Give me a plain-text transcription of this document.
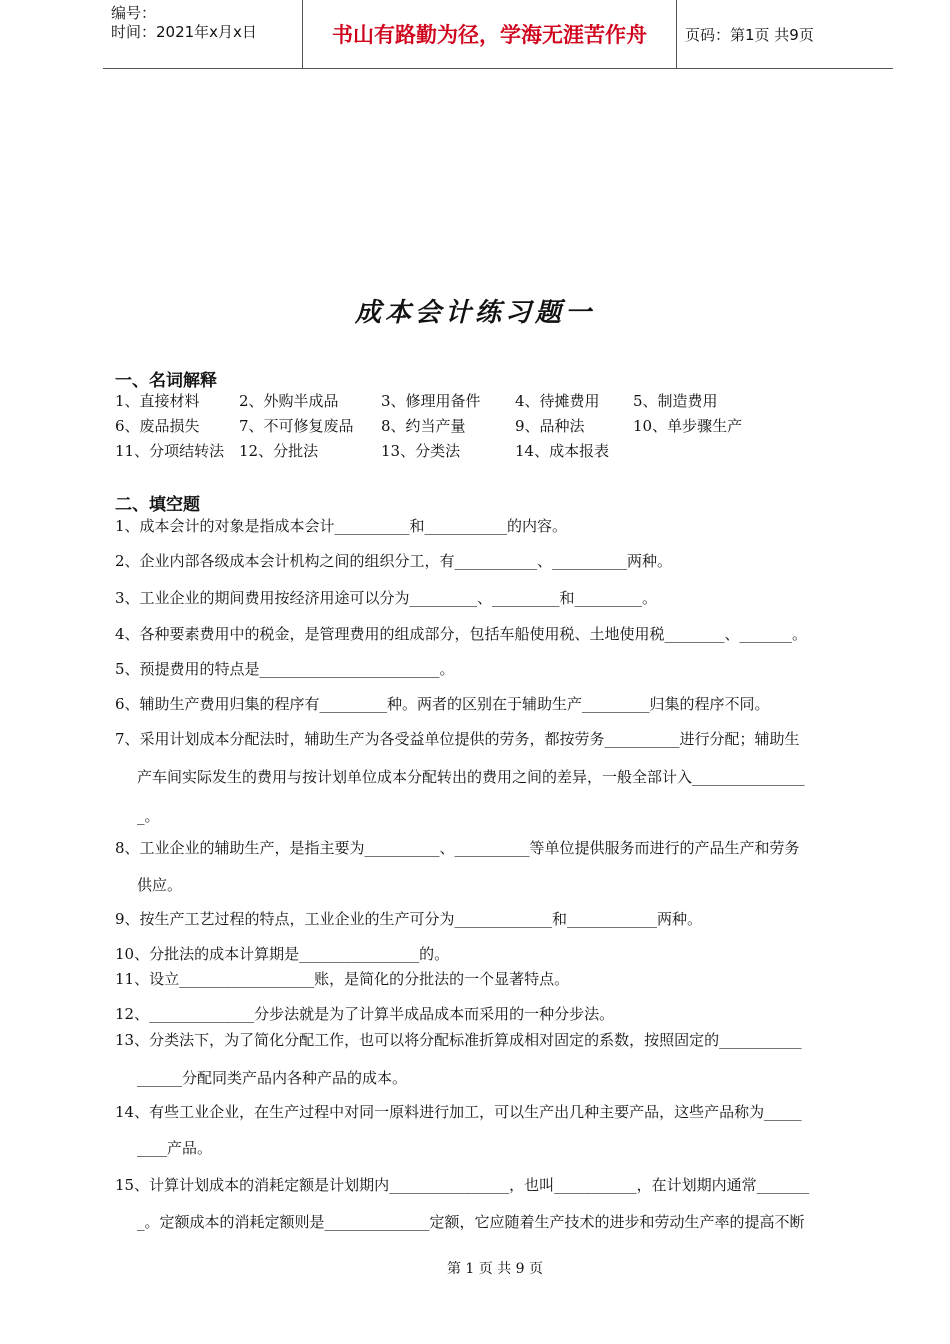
编号：
时间：2021年x月x日	书山有路勤为径，学海无涯苦作舟	页码：第1页 共9页
成本会计练习题一
一、名词解释
1、直接材料	2、外购半成品	3、修理用备件	4、待摊费用	5、制造费用
6、废品损失	7、不可修复废品	8、约当产量	9、品种法	10、单步骤生产
11、分项结转法 12、分批法	13、分类法	14、成本报表
二、填空题
1、成本会计的对象是指成本会计__________和___________的内容。
2、企业内部各级成本会计机构之间的组织分工，有___________、__________两种。
3、工业企业的期间费用按经济用途可以分为_________、_________和_________。
4、各种要素费用中的税金，是管理费用的组成部分，包括车船使用税、土地使用税________、_______。
5、预提费用的特点是________________________。
6、辅助生产费用归集的程序有_________种。两者的区别在于辅助生产_________归集的程序不同。
7、采用计划成本分配法时，辅助生产为各受益单位提供的劳务，都按劳务__________进行分配；辅助生
产车间实际发生的费用与按计划单位成本分配转出的费用之间的差异，一般全部计入_______________
_。
8、工业企业的辅助生产，是指主要为__________、__________等单位提供服务而进行的产品生产和劳务
供应。
9、按生产工艺过程的特点，工业企业的生产可分为_____________和____________两种。
10、分批法的成本计算期是________________的。
11、设立__________________账，是简化的分批法的一个显著特点。
12、______________分步法就是为了计算半成品成本而采用的一种分步法。
13、分类法下，为了简化分配工作，也可以将分配标准折算成相对固定的系数，按照固定的___________
______分配同类产品内各种产品的成本。
14、有些工业企业，在生产过程中对同一原料进行加工，可以生产出几种主要产品，这些产品称为_____
____产品。
15、计算计划成本的消耗定额是计划期内________________，也叫___________，在计划期内通常_______
_。定额成本的消耗定额则是______________定额，它应随着生产技术的进步和劳动生产率的提高不断
第 1 页 共 9 页
